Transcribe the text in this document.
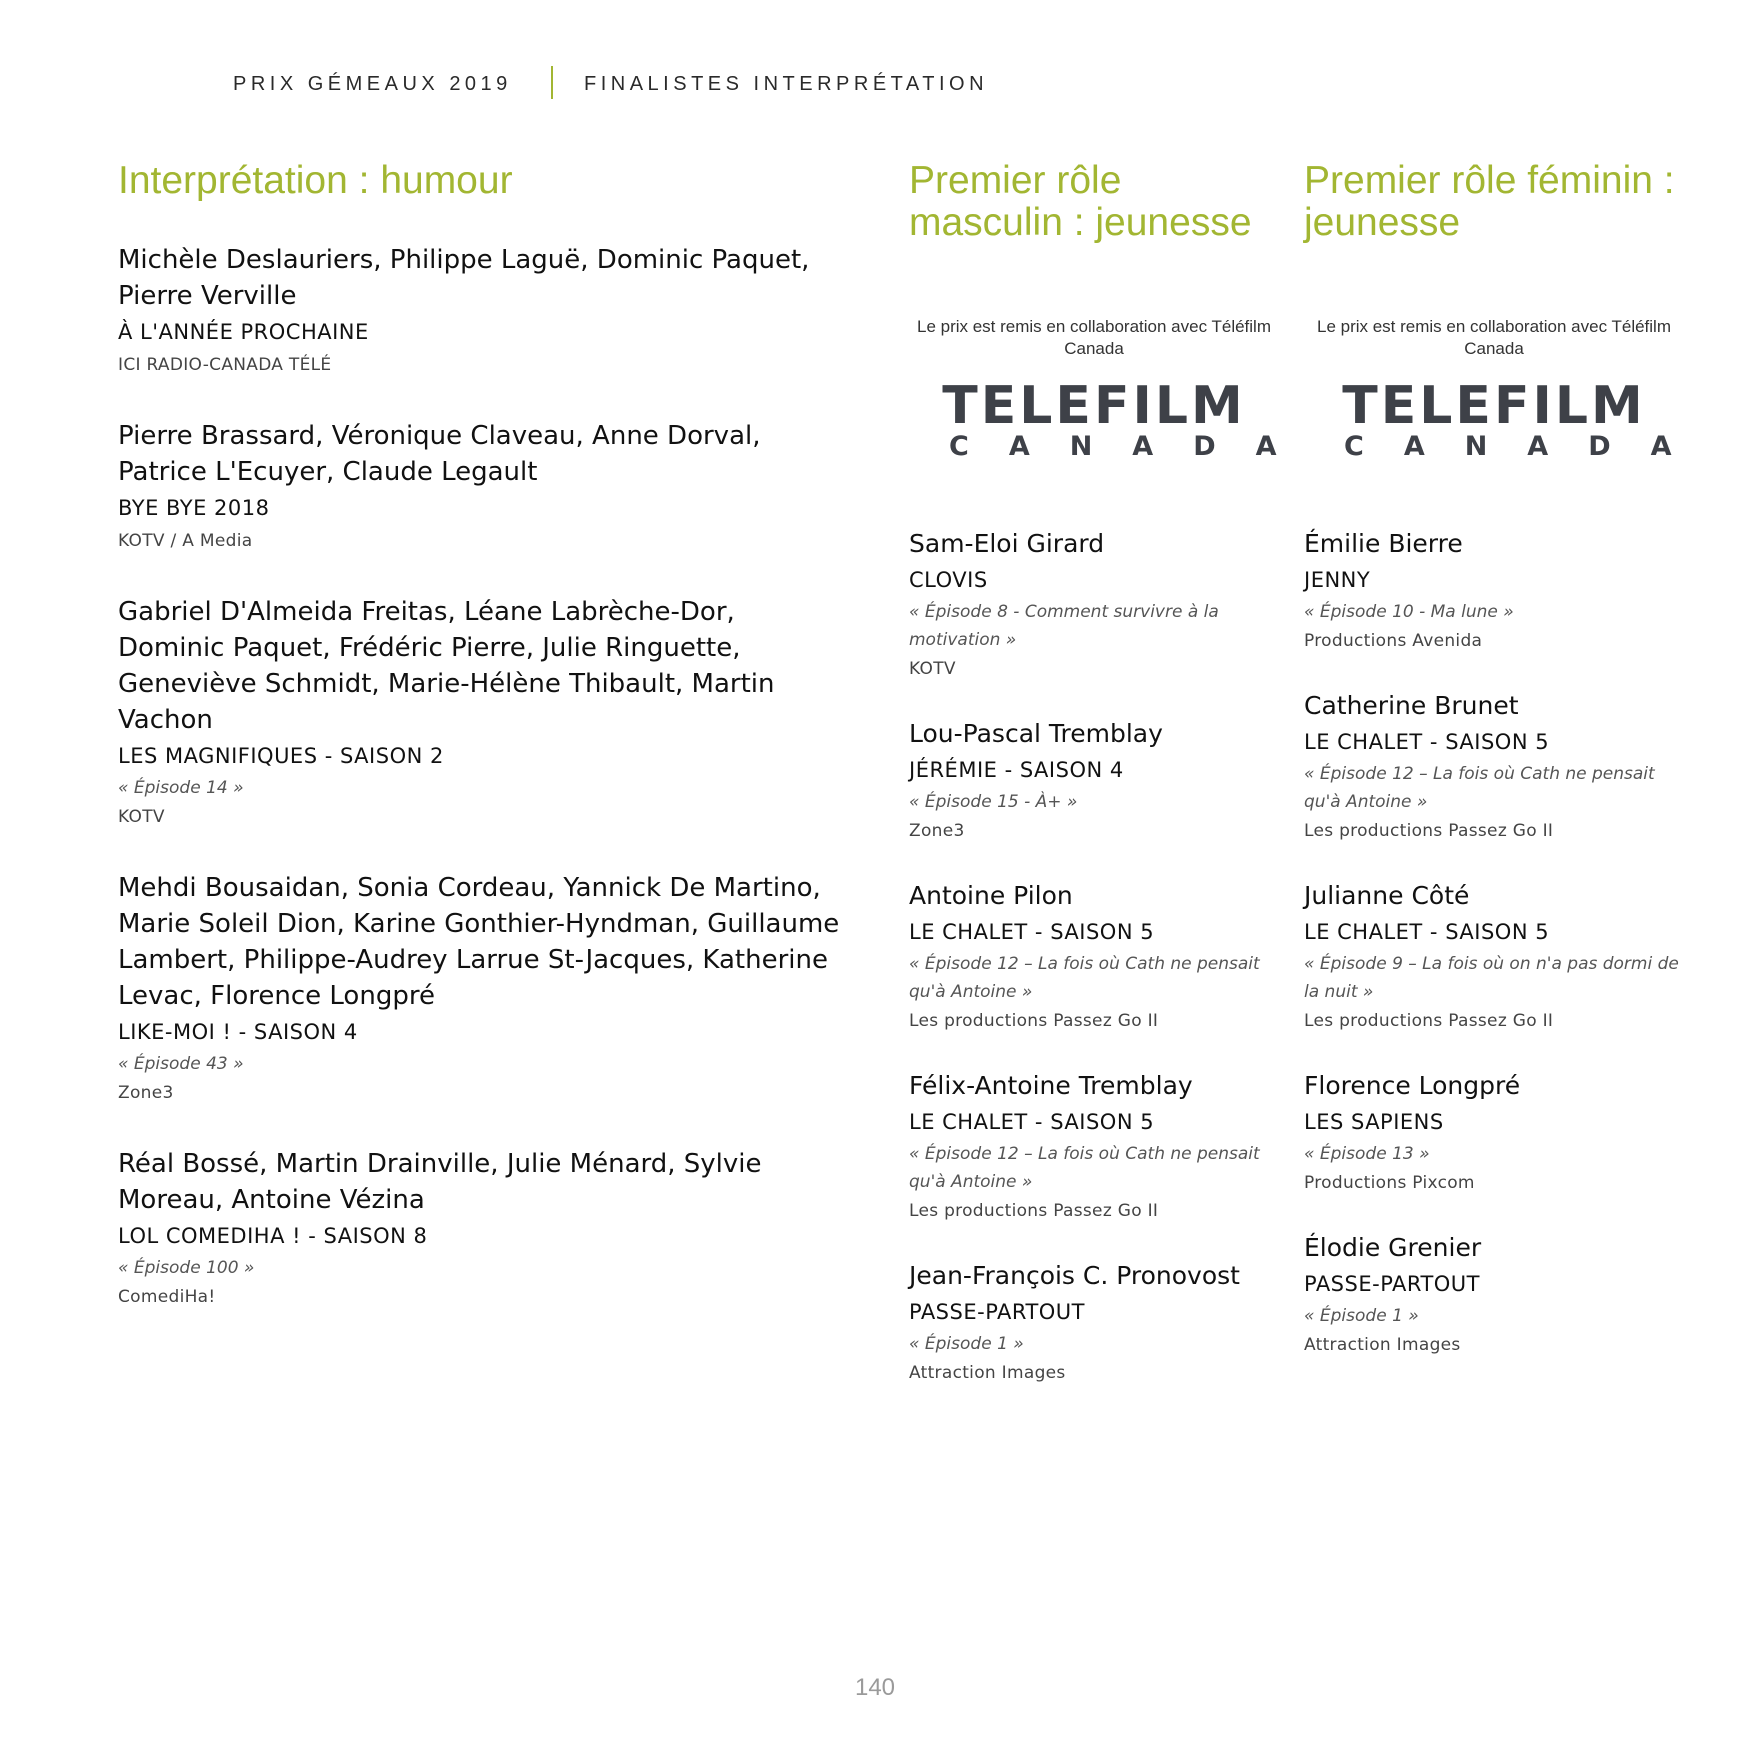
PRIX GÉMEAUX 2019	FINALISTES INTERPRÉTATION
Interprétation : humour
Michèle Deslauriers, Philippe Laguë, Dominic Paquet, Pierre Verville
À L'ANNÉE PROCHAINE
ICI RADIO-CANADA TÉLÉ
Pierre Brassard, Véronique Claveau, Anne Dorval, Patrice L'Ecuyer, Claude Legault
BYE BYE 2018
KOTV / A Media
Gabriel D'Almeida Freitas, Léane Labrèche-Dor, Dominic Paquet, Frédéric Pierre, Julie Ringuette, Geneviève Schmidt, Marie-Hélène Thibault, Martin Vachon
LES MAGNIFIQUES - SAISON 2
« Épisode 14 »
KOTV
Mehdi Bousaidan, Sonia Cordeau, Yannick De Martino, Marie Soleil Dion, Karine Gonthier-Hyndman, Guillaume Lambert, Philippe-Audrey Larrue St-Jacques, Katherine Levac, Florence Longpré
LIKE-MOI ! - SAISON 4
« Épisode 43 »
Zone3
Réal Bossé, Martin Drainville, Julie Ménard, Sylvie Moreau, Antoine Vézina
LOL COMEDIHA ! - SAISON 8
« Épisode 100 »
ComediHa!
Premier rôle masculin : jeunesse
Le prix est remis en collaboration avec Téléfilm Canada
TELEFILM
CANADA
Sam-Eloi Girard
CLOVIS
« Épisode 8 - Comment survivre à la motivation »
KOTV
Lou-Pascal Tremblay
JÉRÉMIE - SAISON 4
« Épisode 15 - À+ »
Zone3
Antoine Pilon
LE CHALET - SAISON 5
« Épisode 12 – La fois où Cath ne pensait qu'à Antoine »
Les productions Passez Go II
Félix-Antoine Tremblay
LE CHALET - SAISON 5
« Épisode 12 – La fois où Cath ne pensait qu'à Antoine »
Les productions Passez Go II
Jean-François C. Pronovost
PASSE-PARTOUT
« Épisode 1 »
Attraction Images
Premier rôle féminin : jeunesse
Le prix est remis en collaboration avec Téléfilm Canada
TELEFILM
CANADA
Émilie Bierre
JENNY
« Épisode 10 - Ma lune »
Productions Avenida
Catherine Brunet
LE CHALET - SAISON 5
« Épisode 12 – La fois où Cath ne pensait qu'à Antoine »
Les productions Passez Go II
Julianne Côté
LE CHALET - SAISON 5
« Épisode 9 – La fois où on n'a pas dormi de la nuit »
Les productions Passez Go II
Florence Longpré
LES SAPIENS
« Épisode 13 »
Productions Pixcom
Élodie Grenier
PASSE-PARTOUT
« Épisode 1 »
Attraction Images
140
